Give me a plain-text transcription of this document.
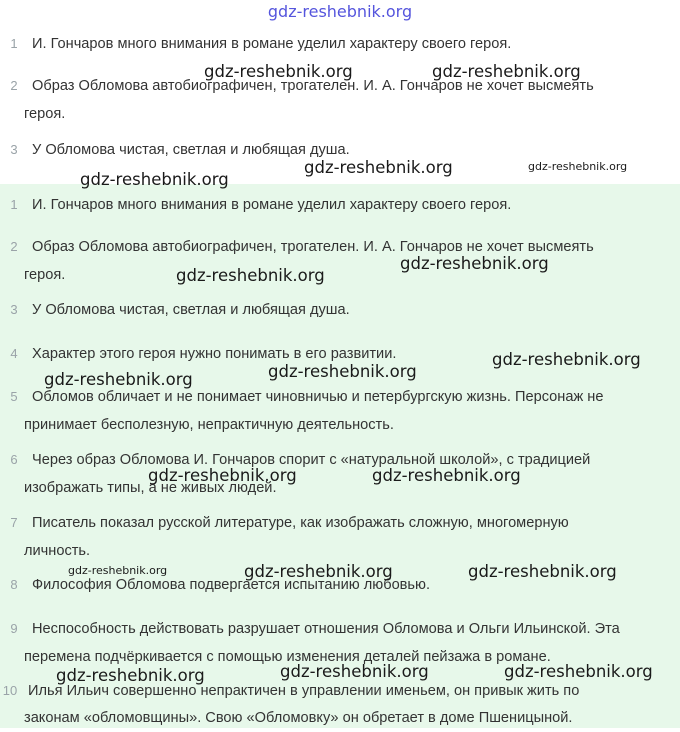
gdz-reshebnik.org
1 И. Гончаров много внимания в романе уделил характеру своего героя.
2 Образ Обломова автобиографичен, трогателен. И. А. Гончаров не хочет высмеять
героя.
3 У Обломова чистая, светлая и любящая душа.
1 И. Гончаров много внимания в романе уделил характеру своего героя.
2 Образ Обломова автобиографичен, трогателен. И. А. Гончаров не хочет высмеять
героя.
3 У Обломова чистая, светлая и любящая душа.
4 Характер этого героя нужно понимать в его развитии.
5 Обломов обличает и не понимает чиновничью и петербургскую жизнь. Персонаж не
принимает бесполезную, непрактичную деятельность.
6 Через образ Обломова И. Гончаров спорит с «натуральной школой», с традицией
изображать типы, а не живых людей.
7 Писатель показал русской литературе, как изображать сложную, многомерную
личность.
8 Философия Обломова подвергается испытанию любовью.
9 Неспособность действовать разрушает отношения Обломова и Ольги Ильинской. Эта
перемена подчёркивается с помощью изменения деталей пейзажа в романе.
10 Илья Ильич совершенно непрактичен в управлении именьем, он привык жить по
законам «обломовщины». Свою «Обломовку» он обретает в доме Пшеницыной.
gdz-reshebnik.org	gdz-reshebnik.org
gdz-reshebnik.org	gdz-reshebnik.org
gdz-reshebnik.org
gdz-reshebnik.org
gdz-reshebnik.org
gdz-reshebnik.org
gdz-reshebnik.org
gdz-reshebnik.org
gdz-reshebnik.org	gdz-reshebnik.org
gdz-reshebnik.org	gdz-reshebnik.org	gdz-reshebnik.org
gdz-reshebnik.org	gdz-reshebnik.org
gdz-reshebnik.org
